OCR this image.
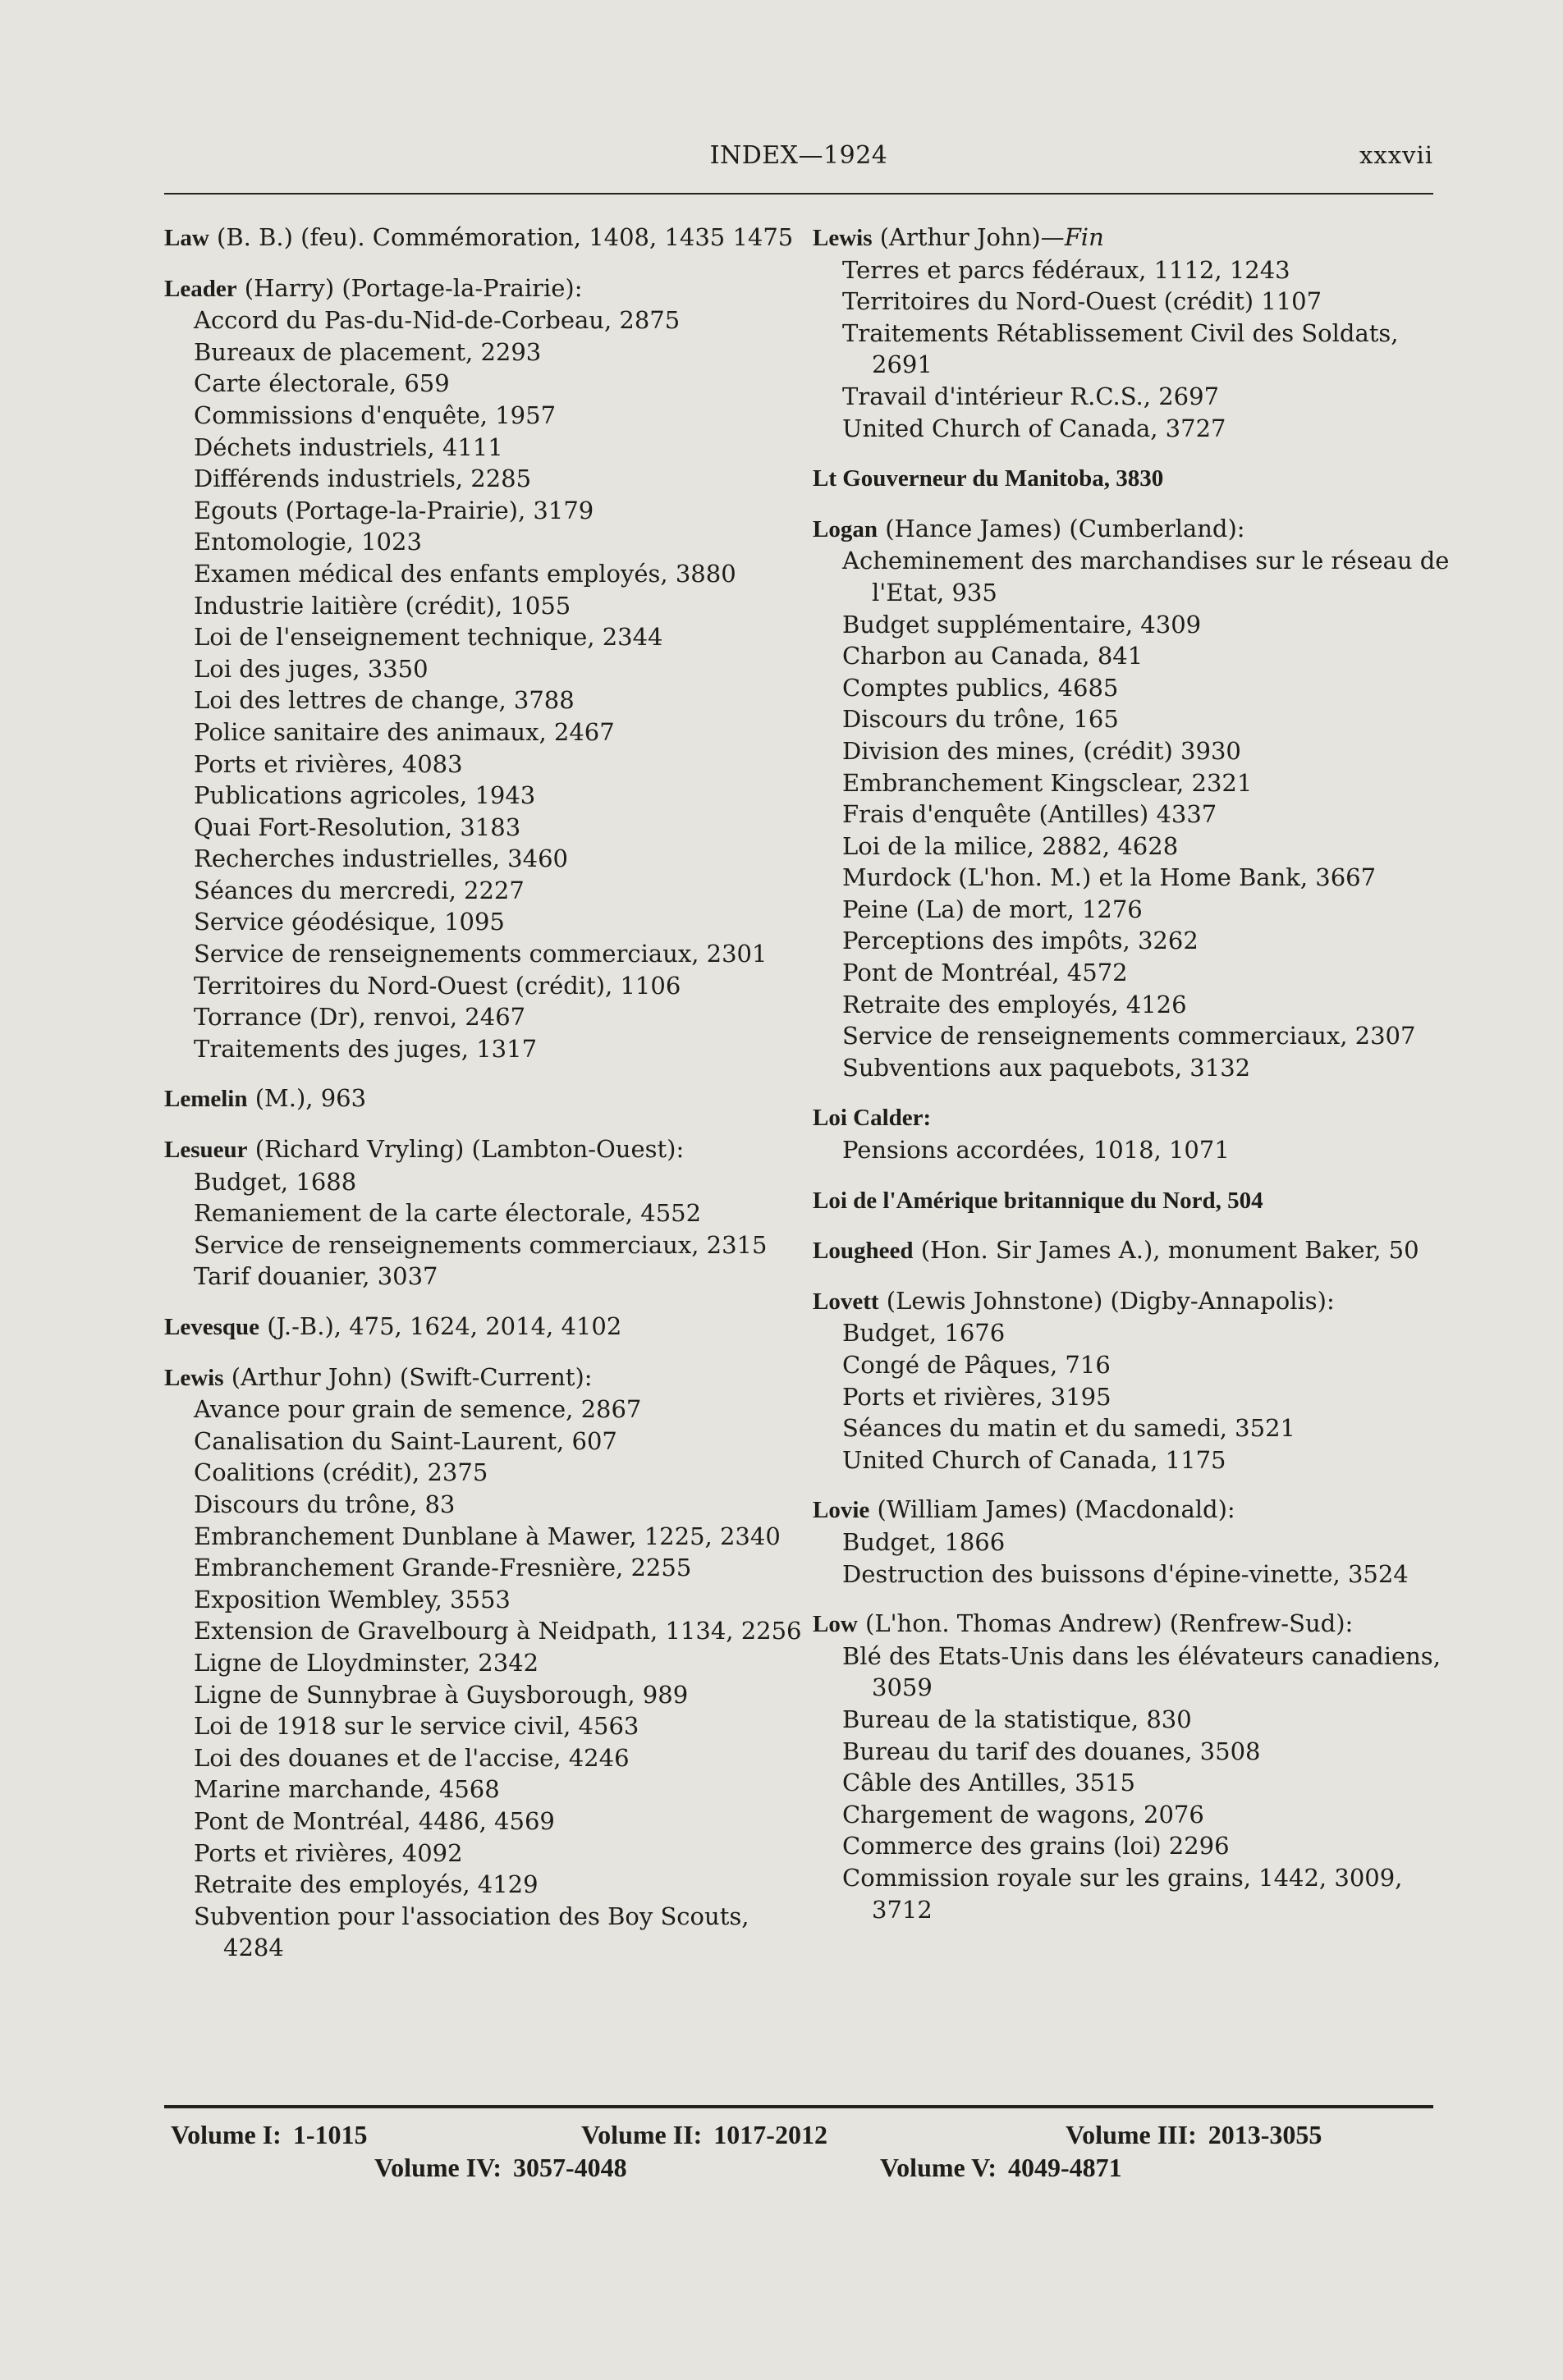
INDEX—1924	xxxvii
Law (B. B.) (feu). Commémoration, 1408, 1435 1475
Leader (Harry) (Portage-la-Prairie):
Accord du Pas-du-Nid-de-Corbeau, 2875
Bureaux de placement, 2293
Carte électorale, 659
Commissions d'enquête, 1957
Déchets industriels, 4111
Différends industriels, 2285
Egouts (Portage-la-Prairie), 3179
Entomologie, 1023
Examen médical des enfants employés, 3880
Industrie laitière (crédit), 1055
Loi de l'enseignement technique, 2344
Loi des juges, 3350
Loi des lettres de change, 3788
Police sanitaire des animaux, 2467
Ports et rivières, 4083
Publications agricoles, 1943
Quai Fort-Resolution, 3183
Recherches industrielles, 3460
Séances du mercredi, 2227
Service géodésique, 1095
Service de renseignements commerciaux, 2301
Territoires du Nord-Ouest (crédit), 1106
Torrance (Dr), renvoi, 2467
Traitements des juges, 1317
Lemelin (M.), 963
Lesueur (Richard Vryling) (Lambton-Ouest):
Budget, 1688
Remaniement de la carte électorale, 4552
Service de renseignements commerciaux, 2315
Tarif douanier, 3037
Levesque (J.-B.), 475, 1624, 2014, 4102
Lewis (Arthur John) (Swift-Current):
Avance pour grain de semence, 2867
Canalisation du Saint-Laurent, 607
Coalitions (crédit), 2375
Discours du trône, 83
Embranchement Dunblane à Mawer, 1225, 2340
Embranchement Grande-Fresnière, 2255
Exposition Wembley, 3553
Extension de Gravelbourg à Neidpath, 1134, 2256
Ligne de Lloydminster, 2342
Ligne de Sunnybrae à Guysborough, 989
Loi de 1918 sur le service civil, 4563
Loi des douanes et de l'accise, 4246
Marine marchande, 4568
Pont de Montréal, 4486, 4569
Ports et rivières, 4092
Retraite des employés, 4129
Subvention pour l'association des Boy Scouts, 4284
Lewis (Arthur John)—Fin
Terres et parcs fédéraux, 1112, 1243
Territoires du Nord-Ouest (crédit) 1107
Traitements Rétablissement Civil des Soldats, 2691
Travail d'intérieur R.C.S., 2697
United Church of Canada, 3727
Lt Gouverneur du Manitoba, 3830
Logan (Hance James) (Cumberland):
Acheminement des marchandises sur le réseau de l'Etat, 935
Budget supplémentaire, 4309
Charbon au Canada, 841
Comptes publics, 4685
Discours du trône, 165
Division des mines, (crédit) 3930
Embranchement Kingsclear, 2321
Frais d'enquête (Antilles) 4337
Loi de la milice, 2882, 4628
Murdock (L'hon. M.) et la Home Bank, 3667
Peine (La) de mort, 1276
Perceptions des impôts, 3262
Pont de Montréal, 4572
Retraite des employés, 4126
Service de renseignements commerciaux, 2307
Subventions aux paquebots, 3132
Loi Calder:
Pensions accordées, 1018, 1071
Loi de l'Amérique britannique du Nord, 504
Lougheed (Hon. Sir James A.), monument Baker, 50
Lovett (Lewis Johnstone) (Digby-Annapolis):
Budget, 1676
Congé de Pâques, 716
Ports et rivières, 3195
Séances du matin et du samedi, 3521
United Church of Canada, 1175
Lovie (William James) (Macdonald):
Budget, 1866
Destruction des buissons d'épine-vinette, 3524
Low (L'hon. Thomas Andrew) (Renfrew-Sud):
Blé des Etats-Unis dans les élévateurs canadiens, 3059
Bureau de la statistique, 830
Bureau du tarif des douanes, 3508
Câble des Antilles, 3515
Chargement de wagons, 2076
Commerce des grains (loi) 2296
Commission royale sur les grains, 1442, 3009, 3712
Volume I: 1-1015	Volume II: 1017-2012	Volume III: 2013-3055
Volume IV: 3057-4048	Volume V: 4049-4871
